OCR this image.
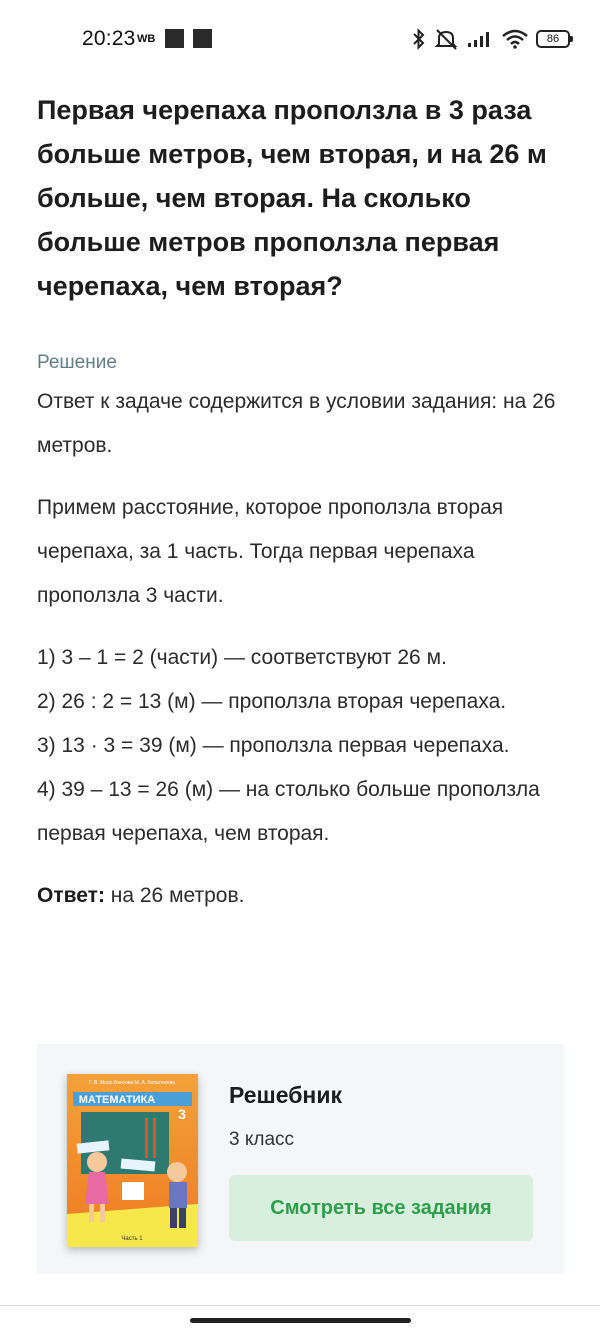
20:23 WB	86
Первая черепаха проползла в 3 раза больше метров, чем вторая, и на 26 м больше, чем вторая. На сколько больше метров проползла первая черепаха, чем вторая?
Решение

Ответ к задаче содержится в условии задания: на 26 метров.

Примем расстояние, которое проползла вторая черепаха, за 1 часть. Тогда первая черепаха проползла 3 части.

1) 3 – 1 = 2 (части) — соответствуют 26 м.
2) 26 : 2 = 13 (м) — проползла вторая черепаха.
3) 13 · 3 = 39 (м) — проползла первая черепаха.
4) 39 – 13 = 26 (м) — на столько больше проползла первая черепаха, чем вторая.
Ответ: на 26 метров.
Г. В. Моро Бантова М. А. Бельтюкова
МАТЕМАТИКА
3
Часть 1
Решебник
3 класс
Смотреть все задания
